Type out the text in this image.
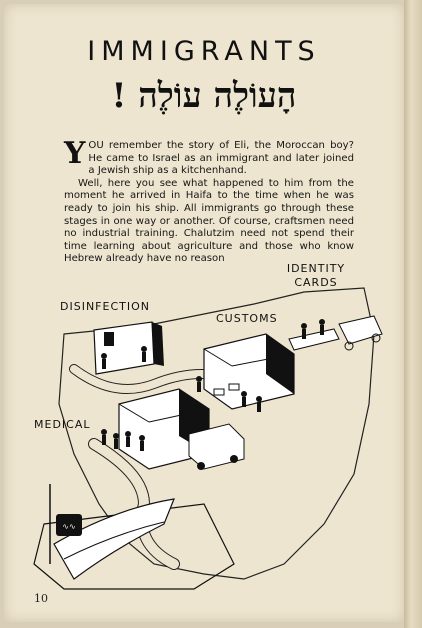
IMMIGRANTS
הָעוֹלֶה עוֹלֶה !
Y OU remember the story of Eli, the Moroccan boy? He came to Israel as an immigrant and later joined a Jewish ship as a kitchenhand.
Well, here you see what happened to him from the moment he arrived in Haifa to the time when he was ready to join his ship. All immigrants go through these stages in one way or another. Of course, craftsmen need no industrial training. Chalutzim need not spend their time learning about agriculture and those who know Hebrew already have no reason
∿∿
IDENTITY CARDS
DISINFECTION
CUSTOMS
MEDICAL
10
